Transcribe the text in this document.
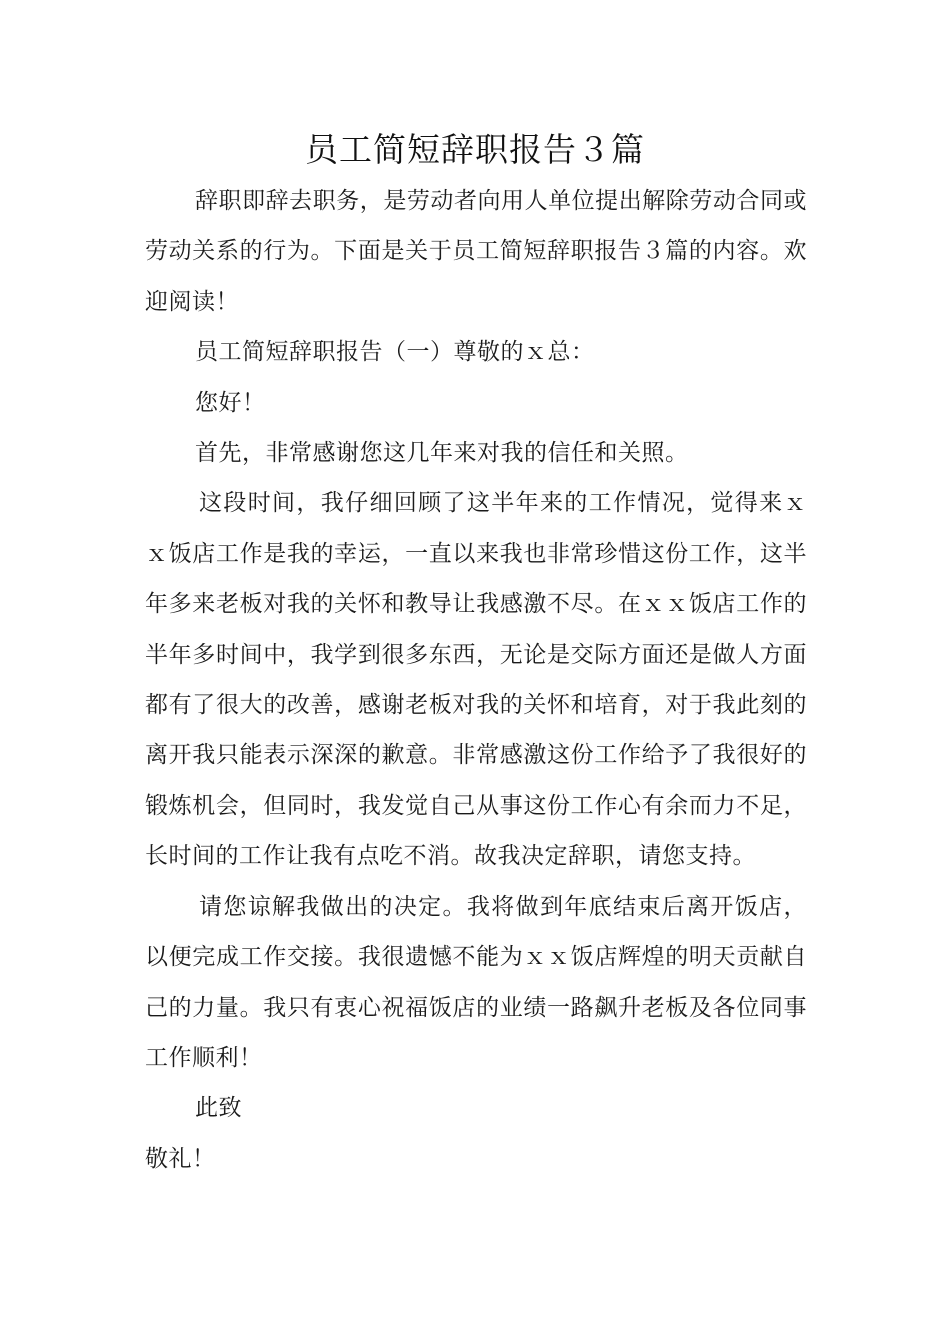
员工简短辞职报告３篇

辞职即辞去职务，是劳动者向用人单位提出解除劳动合同或劳动关系的行为。下面是关于员工简短辞职报告３篇的内容。欢迎阅读！

员工简短辞职报告（一）尊敬的ｘ总：

您好！

首先，非常感谢您这几年来对我的信任和关照。

这段时间，我仔细回顾了这半年来的工作情况，觉得来ｘｘ饭店工作是我的幸运，一直以来我也非常珍惜这份工作，这半年多来老板对我的关怀和教导让我感激不尽。在ｘｘ饭店工作的半年多时间中，我学到很多东西，无论是交际方面还是做人方面都有了很大的改善，感谢老板对我的关怀和培育，对于我此刻的离开我只能表示深深的歉意。非常感激这份工作给予了我很好的锻炼机会，但同时，我发觉自己从事这份工作心有余而力不足，长时间的工作让我有点吃不消。故我决定辞职，请您支持。

请您谅解我做出的决定。我将做到年底结束后离开饭店，以便完成工作交接。我很遗憾不能为ｘｘ饭店辉煌的明天贡献自己的力量。我只有衷心祝福饭店的业绩一路飙升老板及各位同事工作顺利！

此致

敬礼！
